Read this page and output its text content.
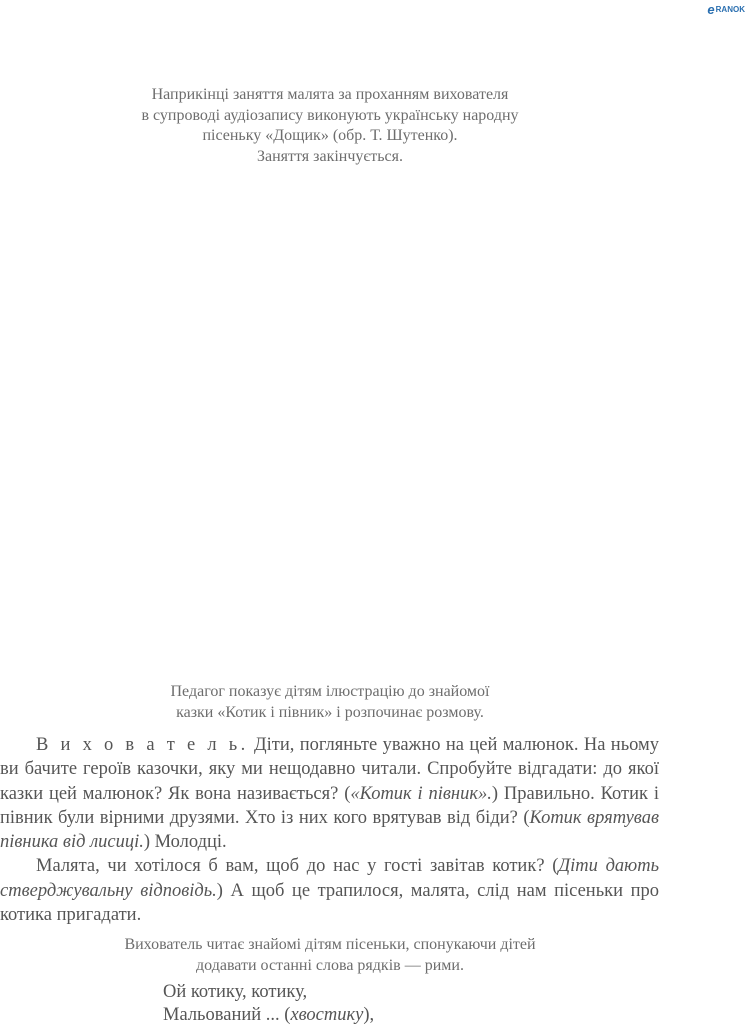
e RANOK
Наприкінці заняття малята за проханням вихователя
в супроводі аудіозапису виконують українську народну
пісеньку «Дощик» (обр. Т. Шутенко).
Заняття закінчується.
Педагог показує дітям ілюстрацію до знайомої
казки «Котик і півник» і розпочинає розмову.

В и х о в а т е л ь. Діти, погляньте уважно на цей малюнок. На ньому ви бачите героїв казочки, яку ми нещодавно читали. Спробуйте відгадати: до якої казки цей малюнок? Як вона називається? («Котик і півник».) Правильно. Котик і півник були вірними друзями. Хто із них кого врятував від біди? (Котик врятував півника від лисиці.) Молодці.

Малята, чи хотілося б вам, щоб до нас у гості завітав котик? (Діти дають стверджувальну відповідь.) А щоб це трапилося, малята, слід нам пісеньки про котика пригадати.

Вихователь читає знайомі дітям пісеньки, спонукаючи дітей
додавати останні слова рядків — рими.
Ой котику, котику,
Мальований ... (хвостику),
